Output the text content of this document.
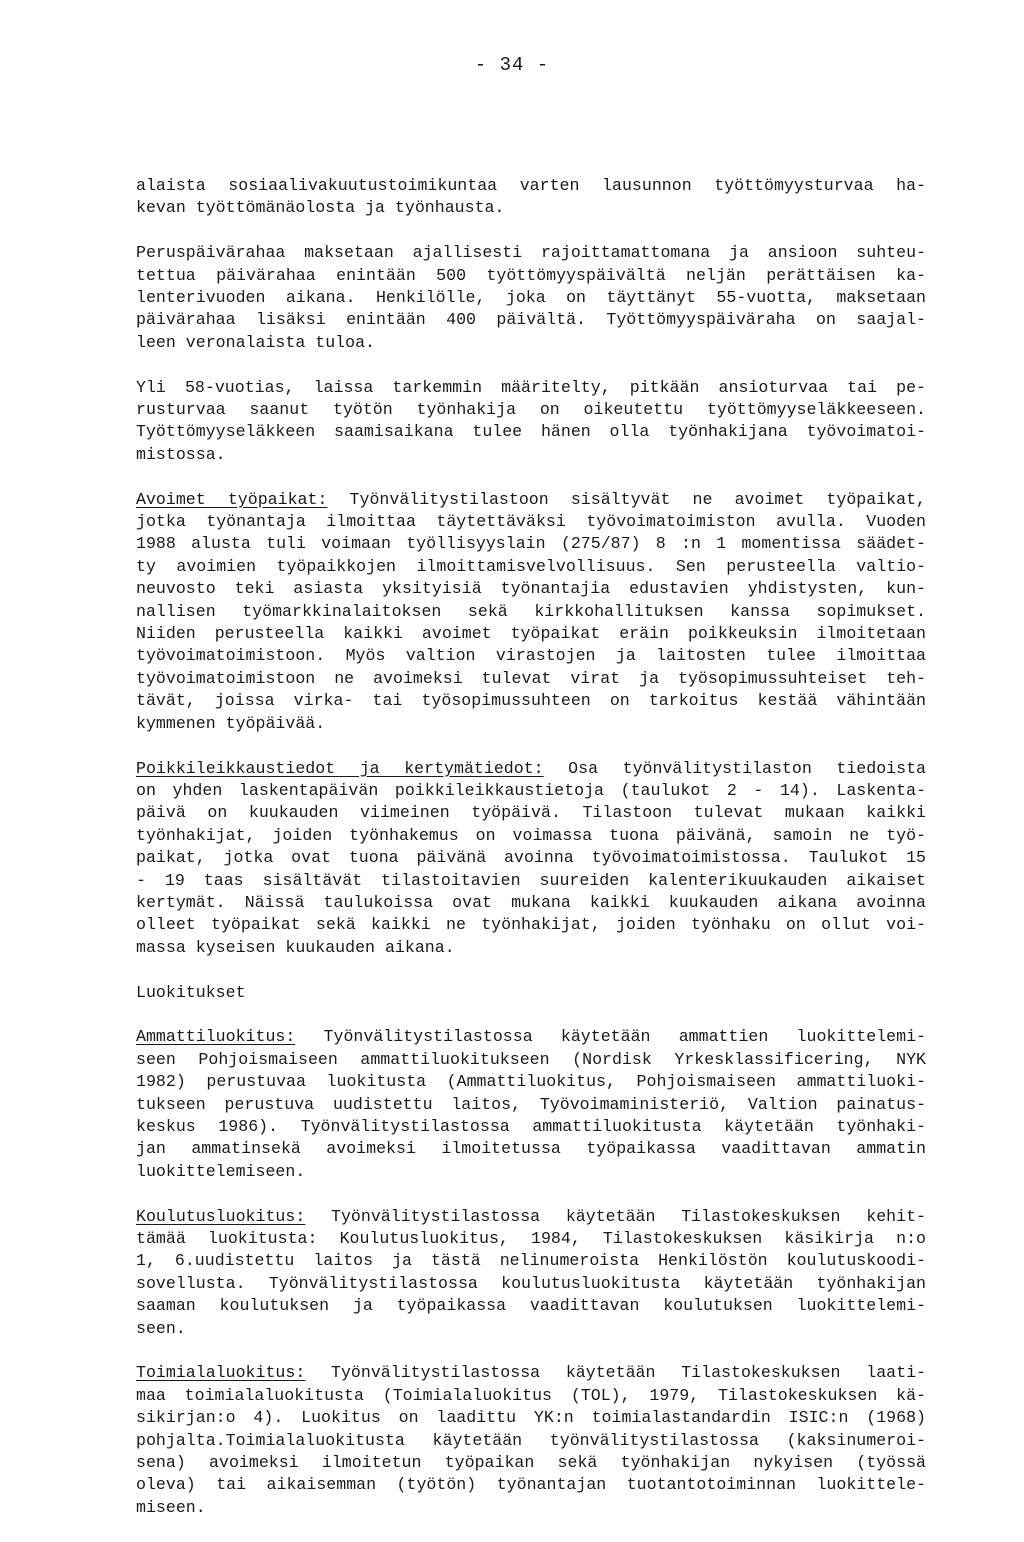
- 34 -
alaista sosiaalivakuutustoimikuntaa varten lausunnon työttömyysturvaa ha-
kevan työttömänäolosta ja työnhausta.
Peruspäivärahaa maksetaan ajallisesti rajoittamattomana ja ansioon suhteu-
tettua päivärahaa enintään 500 työttömyyspäivältä neljän perättäisen ka-
lenterivuoden aikana. Henkilölle, joka on täyttänyt 55-vuotta, maksetaan
päivärahaa lisäksi enintään 400 päivältä. Työttömyyspäiväraha on saajal-
leen veronalaista tuloa.
Yli 58-vuotias, laissa tarkemmin määritelty, pitkään ansioturvaa tai pe-
rusturvaa saanut työtön työnhakija on oikeutettu työttömyyseläkkeeseen.
Työttömyyseläkkeen saamisaikana tulee hänen olla työnhakijana työvoimatoi-
mistossa.
Avoimet työpaikat: Työnvälitystilastoon sisältyvät ne avoimet työpaikat,
jotka työnantaja ilmoittaa täytettäväksi työvoimatoimiston avulla. Vuoden
1988 alusta tuli voimaan työllisyyslain (275/87) 8 :n 1 momentissa säädet-
ty avoimien työpaikkojen ilmoittamisvelvollisuus. Sen perusteella valtio-
neuvosto teki asiasta yksityisiä työnantajia edustavien yhdistysten, kun-
nallisen työmarkkinalaitoksen sekä kirkkohallituksen kanssa sopimukset.
Niiden perusteella kaikki avoimet työpaikat eräin poikkeuksin ilmoitetaan
työvoimatoimistoon. Myös valtion virastojen ja laitosten tulee ilmoittaa
työvoimatoimistoon ne avoimeksi tulevat virat ja työsopimussuhteiset teh-
tävät, joissa virka- tai työsopimussuhteen on tarkoitus kestää vähintään
kymmenen työpäivää.
Poikkileikkaustiedot ja kertymätiedot: Osa työnvälitystilaston tiedoista
on yhden laskentapäivän poikkileikkaustietoja (taulukot 2 - 14). Laskenta-
päivä on kuukauden viimeinen työpäivä. Tilastoon tulevat mukaan kaikki
työnhakijat, joiden työnhakemus on voimassa tuona päivänä, samoin ne työ-
paikat, jotka ovat tuona päivänä avoinna työvoimatoimistossa. Taulukot 15
- 19 taas sisältävät tilastoitavien suureiden kalenterikuukauden aikaiset
kertymät. Näissä taulukoissa ovat mukana kaikki kuukauden aikana avoinna
olleet työpaikat sekä kaikki ne työnhakijat, joiden työnhaku on ollut voi-
massa kyseisen kuukauden aikana.
Luokitukset
Ammattiluokitus: Työnvälitystilastossa käytetään ammattien luokittelemi-
seen Pohjoismaiseen ammattiluokitukseen (Nordisk Yrkesklassificering, NYK
1982) perustuvaa luokitusta (Ammattiluokitus, Pohjoismaiseen ammattiluoki-
tukseen perustuva uudistettu laitos, Työvoimaministeriö, Valtion painatus-
keskus 1986). Työnvälitystilastossa ammattiluokitusta käytetään työnhaki-
jan ammatinsekä avoimeksi ilmoitetussa työpaikassa vaadittavan ammatin
luokittelemiseen.
Koulutusluokitus: Työnvälitystilastossa käytetään Tilastokeskuksen kehit-
tämää luokitusta: Koulutusluokitus, 1984, Tilastokeskuksen käsikirja n:o
1, 6.uudistettu laitos ja tästä nelinumeroista Henkilöstön koulutuskoodi-
sovellusta. Työnvälitystilastossa koulutusluokitusta käytetään työnhakijan
saaman koulutuksen ja työpaikassa vaadittavan koulutuksen luokittelemi-
seen.
Toimialaluokitus: Työnvälitystilastossa käytetään Tilastokeskuksen laati-
maa toimialaluokitusta (Toimialaluokitus (TOL), 1979, Tilastokeskuksen kä-
sikirjan:o 4). Luokitus on laadittu YK:n toimialastandardin ISIC:n (1968)
pohjalta.Toimialaluokitusta käytetään työnvälitystilastossa (kaksinumeroi-
sena) avoimeksi ilmoitetun työpaikan sekä työnhakijan nykyisen (työssä
oleva) tai aikaisemman (työtön) työnantajan tuotantotoiminnan luokittele-
miseen.
